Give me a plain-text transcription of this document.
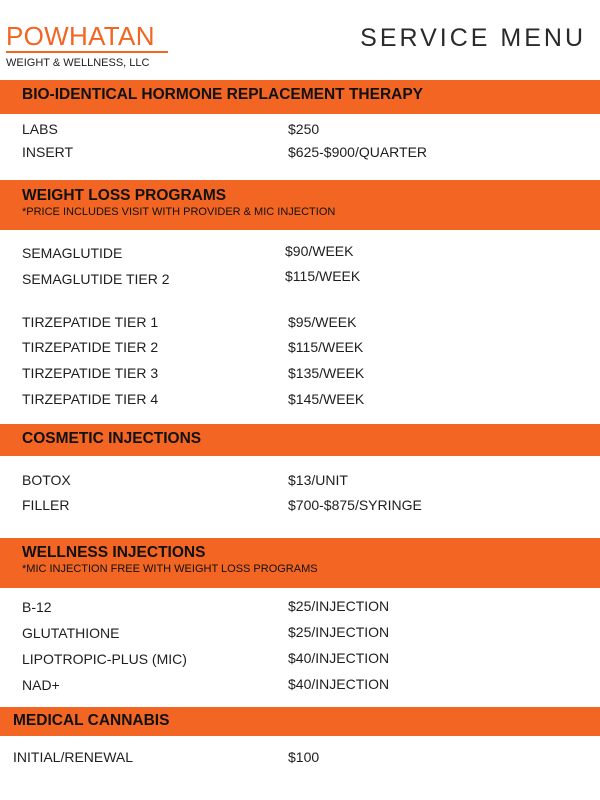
POWHATAN
WEIGHT & WELLNESS, LLC
SERVICE MENU
BIO-IDENTICAL HORMONE REPLACEMENT THERAPY
LABS	$250
INSERT	$625-$900/QUARTER
WEIGHT LOSS PROGRAMS
*PRICE INCLUDES VISIT WITH PROVIDER & MIC INJECTION
SEMAGLUTIDE	$90/WEEK
SEMAGLUTIDE TIER 2	$115/WEEK
TIRZEPATIDE TIER 1	$95/WEEK
TIRZEPATIDE TIER 2	$115/WEEK
TIRZEPATIDE TIER 3	$135/WEEK
TIRZEPATIDE TIER 4	$145/WEEK
COSMETIC INJECTIONS
BOTOX	$13/UNIT
FILLER	$700-$875/SYRINGE
WELLNESS INJECTIONS
*MIC INJECTION FREE WITH WEIGHT LOSS PROGRAMS
B-12	$25/INJECTION
GLUTATHIONE	$25/INJECTION
LIPOTROPIC-PLUS (MIC)	$40/INJECTION
NAD+	$40/INJECTION
MEDICAL CANNABIS
INITIAL/RENEWAL	$100
